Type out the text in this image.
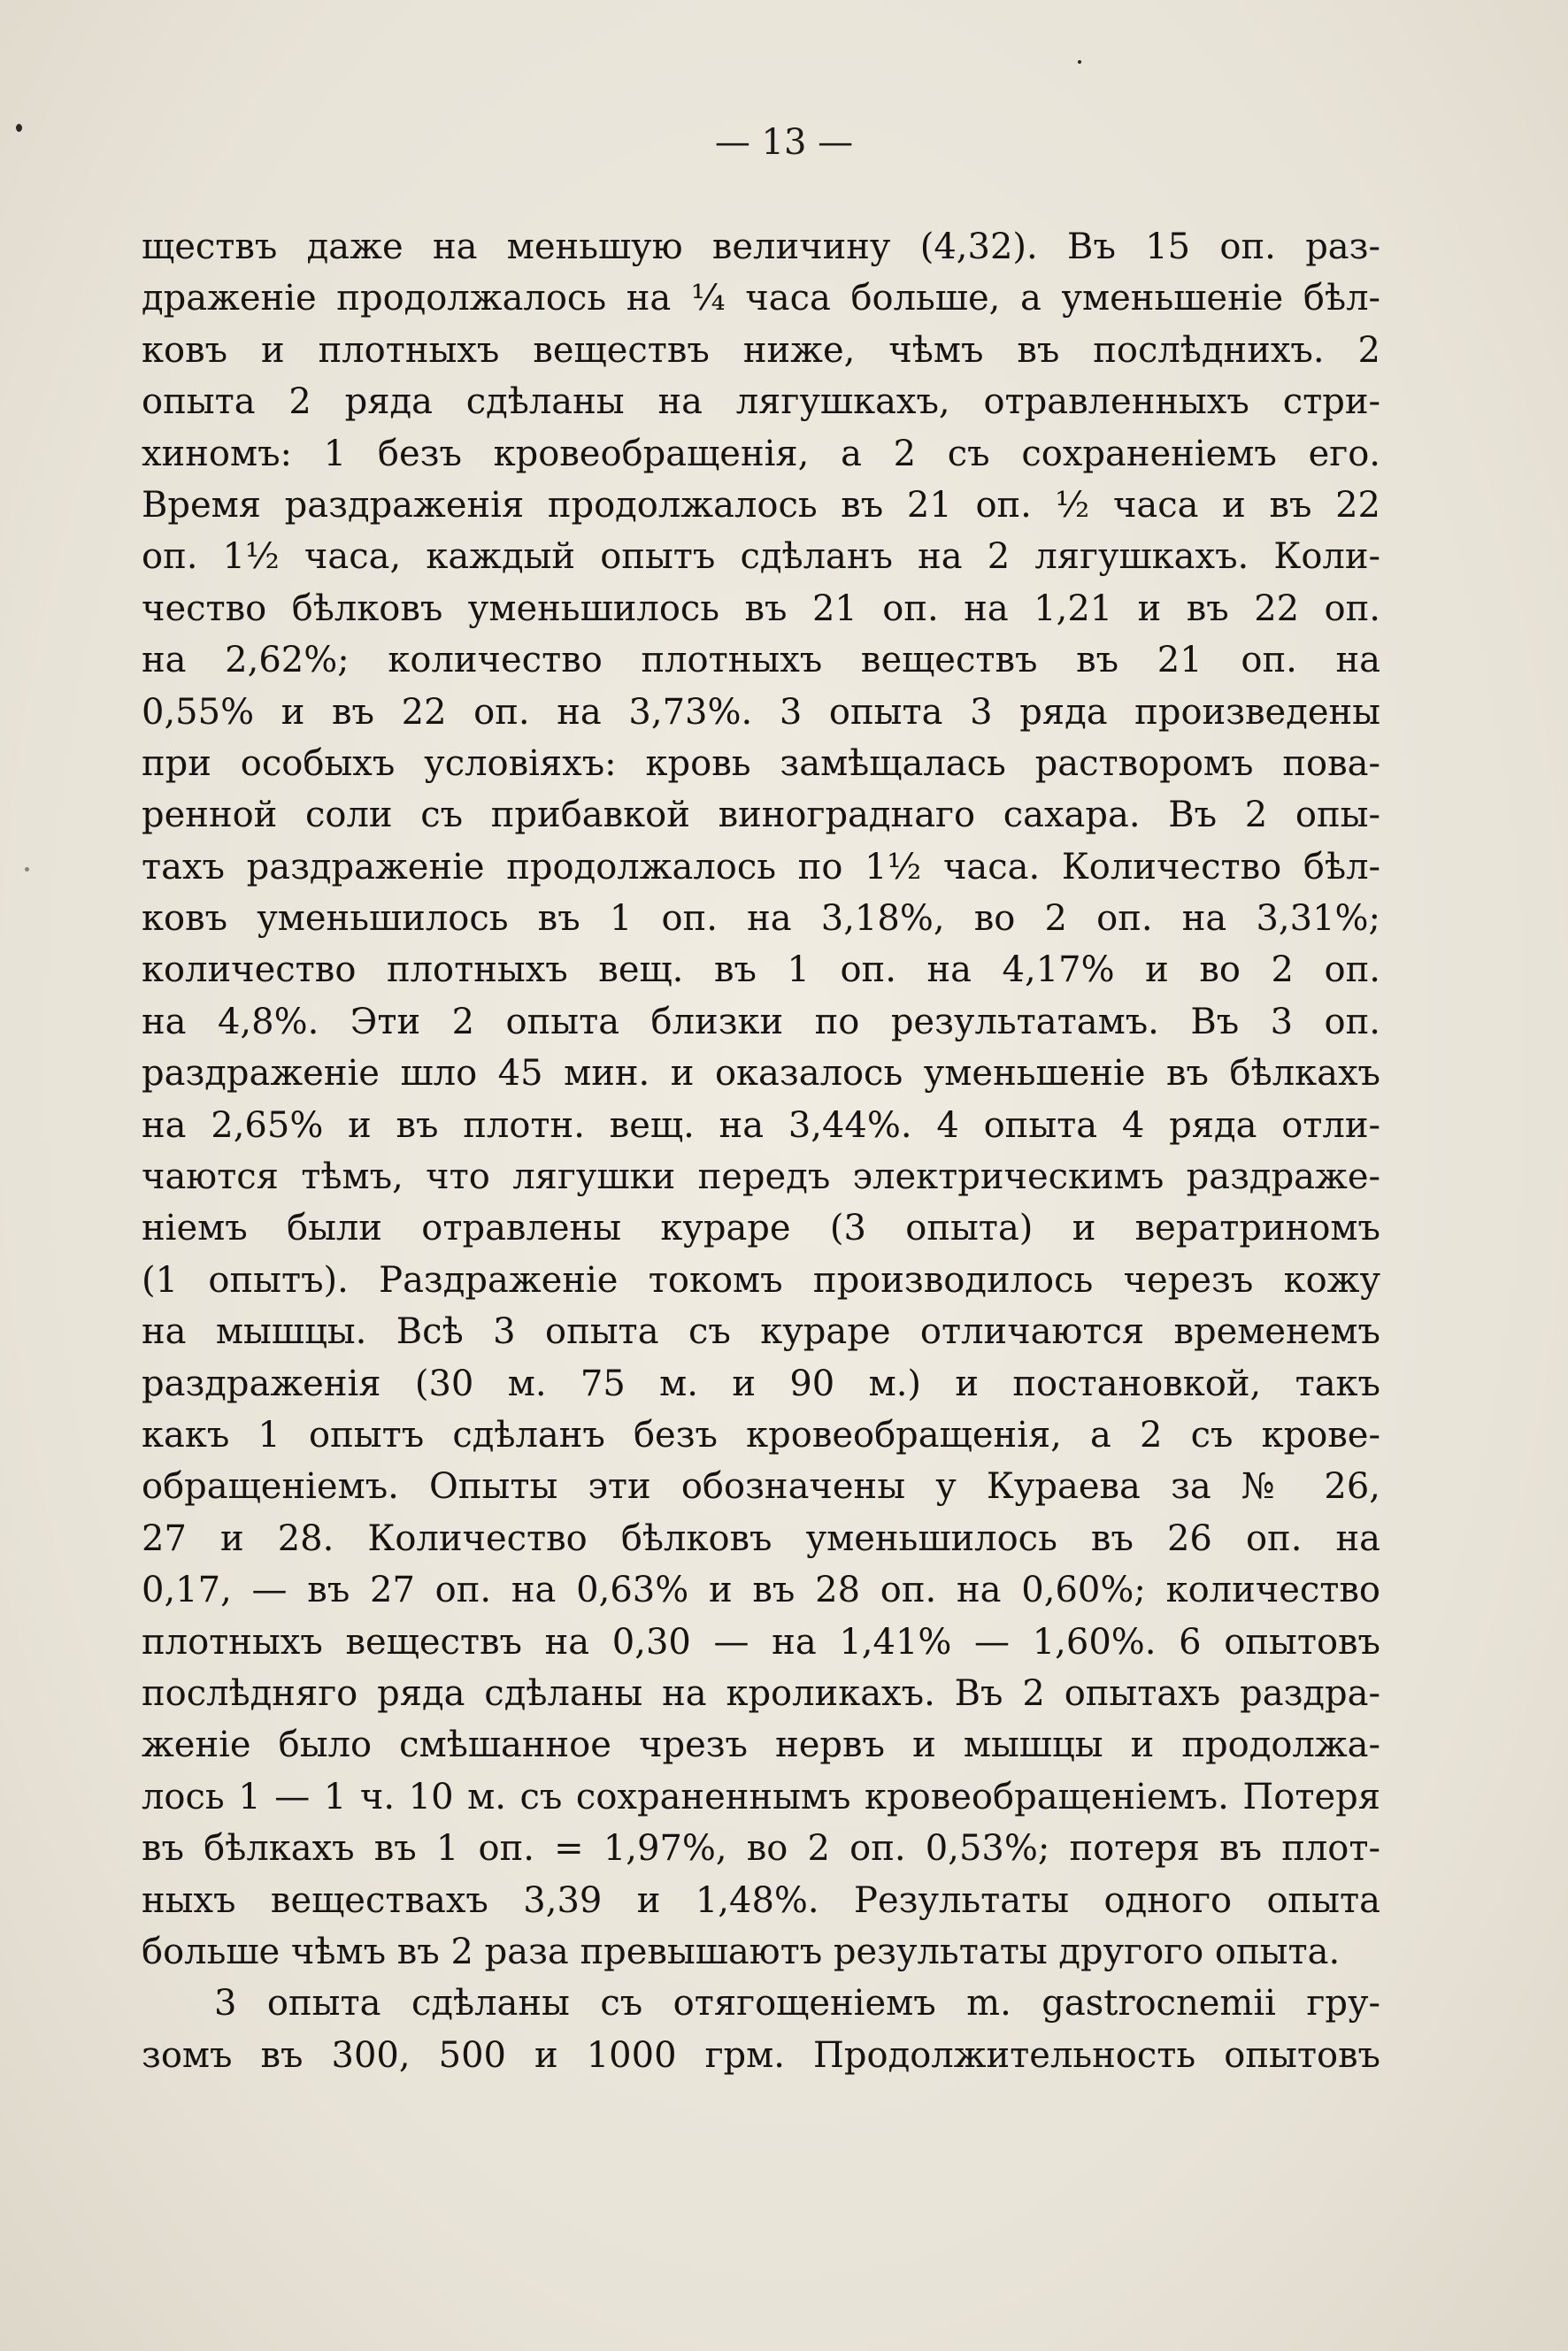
— 13 —
ществъ даже на меньшую величину (4,32). Въ 15 оп. раз-
драженіе продолжалось на ¼ часа больше, а уменьшеніе бѣл-
ковъ и плотныхъ веществъ ниже, чѣмъ въ послѣднихъ. 2
опыта 2 ряда сдѣланы на лягушкахъ, отравленныхъ стри-
хиномъ: 1 безъ кровеобращенія, а 2 съ сохраненіемъ его.
Время раздраженія продолжалось въ 21 оп. ½ часа и въ 22
оп. 1½ часа, каждый опытъ сдѣланъ на 2 лягушкахъ. Коли-
чество бѣлковъ уменьшилось въ 21 оп. на 1,21 и въ 22 оп.
на 2,62%; количество плотныхъ веществъ въ 21 оп. на
0,55% и въ 22 оп. на 3,73%. 3 опыта 3 ряда произведены
при особыхъ условіяхъ: кровь замѣщалась растворомъ пова-
ренной соли съ прибавкой винограднаго сахара. Въ 2 опы-
тахъ раздраженіе продолжалось по 1½ часа. Количество бѣл-
ковъ уменьшилось въ 1 оп. на 3,18%, во 2 оп. на 3,31%;
количество плотныхъ вещ. въ 1 оп. на 4,17% и во 2 оп.
на 4,8%. Эти 2 опыта близки по результатамъ. Въ 3 оп.
раздраженіе шло 45 мин. и оказалось уменьшеніе въ бѣлкахъ
на 2,65% и въ плотн. вещ. на 3,44%. 4 опыта 4 ряда отли-
чаются тѣмъ, что лягушки передъ электрическимъ раздраже-
ніемъ были отравлены кураре (3 опыта) и вератриномъ
(1 опытъ). Раздраженіе токомъ производилось черезъ кожу
на мышцы. Всѣ 3 опыта съ кураре отличаются временемъ
раздраженія (30 м. 75 м. и 90 м.) и постановкой, такъ
какъ 1 опытъ сдѣланъ безъ кровеобращенія, а 2 съ крове-
обращеніемъ. Опыты эти обозначены у Кураева за № 26,
27 и 28. Количество бѣлковъ уменьшилось въ 26 оп. на
0,17, — въ 27 оп. на 0,63% и въ 28 оп. на 0,60%; количество
плотныхъ веществъ на 0,30 — на 1,41% — 1,60%. 6 опытовъ
послѣдняго ряда сдѣланы на кроликахъ. Въ 2 опытахъ раздра-
женіе было смѣшанное чрезъ нервъ и мышцы и продолжа-
лось 1 — 1 ч. 10 м. съ сохраненнымъ кровеобращеніемъ. Потеря
въ бѣлкахъ въ 1 оп. = 1,97%, во 2 оп. 0,53%; потеря въ плот-
ныхъ веществахъ 3,39 и 1,48%. Результаты одного опыта
больше чѣмъ въ 2 раза превышаютъ результаты другого опыта.
3 опыта сдѣланы съ отягощеніемъ m. gastrocnemii гру-
зомъ въ 300, 500 и 1000 грм. Продолжительность опытовъ
